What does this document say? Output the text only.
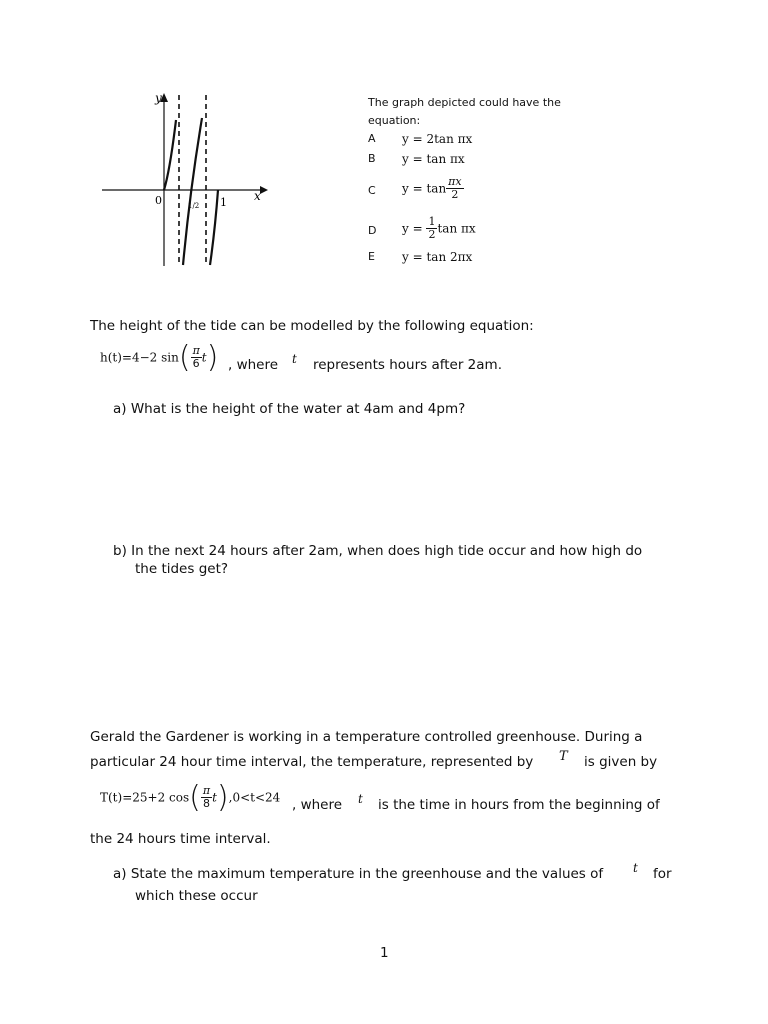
y
x
0	1/2 1
The graph depicted could have the
equation:
A y = 2tan πx
B y = tan πx
C $y = \tan \frac{\pi x}{2}$
D $y = \frac{1}{2}$ tan πx
E y = tan 2πx
The height of the tide can be modelled by the following equation:
h(t)=4−2 $\sin( \frac{\pi}{6} t)$ , where t represents hours after 2am.
a) What is the height of the water at 4am and 4pm?
b) In the next 24 hours after 2am, when does high tide occur and how high do
the tides get?
Gerald the Gardener is working in a temperature controlled greenhouse. During a
particular 24 hour time interval, the temperature, represented by T is given by
T(t)=25+2 $\cos( \frac{\pi}{8} t),0<t<24$ , where t is the time in hours from the beginning of
the 24 hours time interval.
a) State the maximum temperature in the greenhouse and the values of t for
which these occur
1
